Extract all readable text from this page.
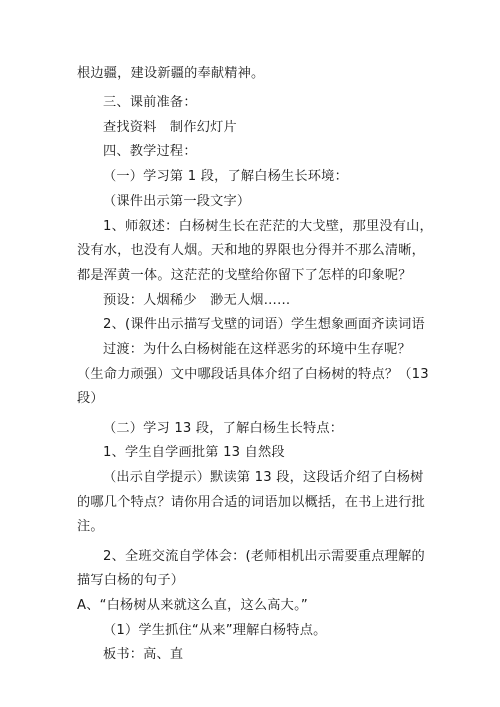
根边疆，建设新疆的奉献精神。
三、课前准备：
查找资料　制作幻灯片
四、教学过程：
（一）学习第 1 段，了解白杨生长环境：
（课件出示第一段文字）
1、师叙述：白杨树生长在茫茫的大戈壁，那里没有山，
没有水，也没有人烟。天和地的界限也分得并不那么清晰，
都是浑黄一体。这茫茫的戈壁给你留下了怎样的印象呢？
预设：人烟稀少　渺无人烟……
2、(课件出示描写戈壁的词语）学生想象画面齐读词语
过渡：为什么白杨树能在这样恶劣的环境中生存呢？
（生命力顽强）文中哪段话具体介绍了白杨树的特点？（13
段）
（二）学习 13 段，了解白杨生长特点：
1、学生自学画批第 13 自然段
（出示自学提示）默读第 13 段，这段话介绍了白杨树
的哪几个特点？请你用合适的词语加以概括，在书上进行批
注。
2、全班交流自学体会：(老师相机出示需要重点理解的
描写白杨的句子）
A、“白杨树从来就这么直，这么高大。”
（1）学生抓住“从来”理解白杨特点。
板书：高、直
